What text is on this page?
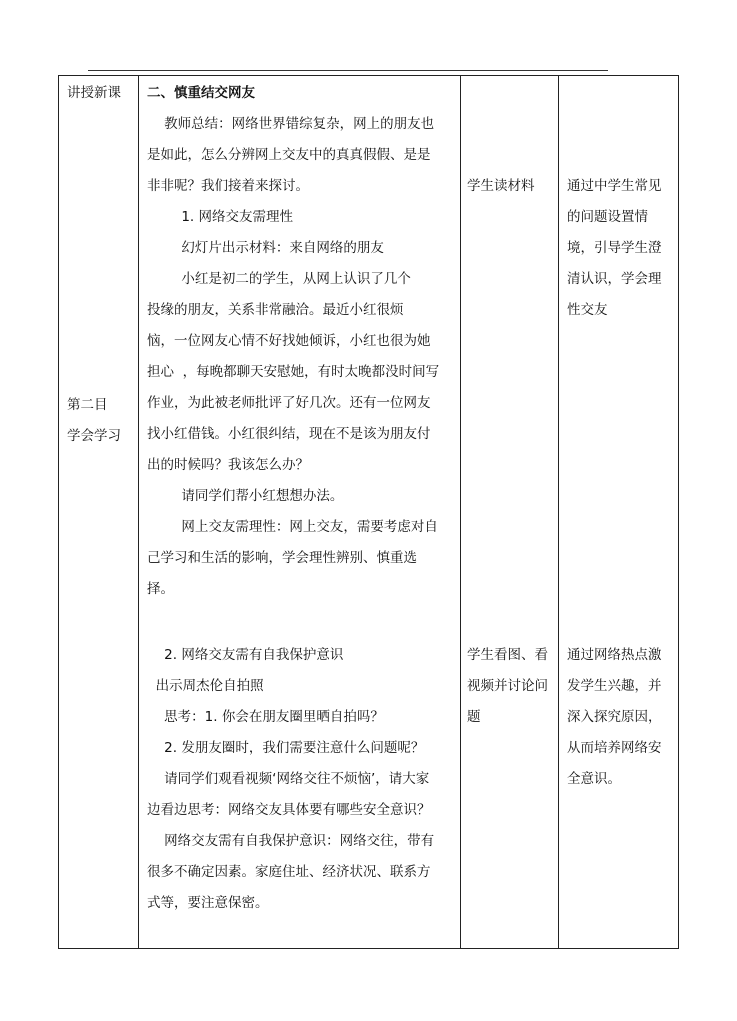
讲授新课
第二目
学会学习

二、慎重结交网友

教师总结：网络世界错综复杂，网上的朋友也
是如此，怎么分辨网上交友中的真真假假、是是
非非呢？我们接着来探讨。
1. 网络交友需理性
幻灯片出示材料：来自网络的朋友
小红是初二的学生，从网上认识了几个
投缘的朋友，关系非常融洽。最近小红很烦
恼，一位网友心情不好找她倾诉，小红也很为她
担心  ，每晚都聊天安慰她，有时太晚都没时间写
作业，为此被老师批评了好几次。还有一位网友
找小红借钱。小红很纠结，现在不是该为朋友付
出的时候吗？我该怎么办？
请同学们帮小红想想办法。
网上交友需理性：网上交友，需要考虑对自
己学习和生活的影响，学会理性辨别、慎重选
择。
2. 网络交友需有自我保护意识
出示周杰伦自拍照
思考：1. 你会在朋友圈里晒自拍吗？
2. 发朋友圈时，我们需要注意什么问题呢？
请同学们观看视频‘网络交往不烦恼’，请大家
边看边思考：网络交友具体要有哪些安全意识？
网络交友需有自我保护意识：网络交往，带有
很多不确定因素。家庭住址、经济状况、联系方
式等，要注意保密。
学生读材料
学生看图、看
视频并讨论问
题
通过中学生常见
的问题设置情
境，引导学生澄
清认识，学会理
性交友
通过网络热点激
发学生兴趣，并
深入探究原因，
从而培养网络安
全意识。
